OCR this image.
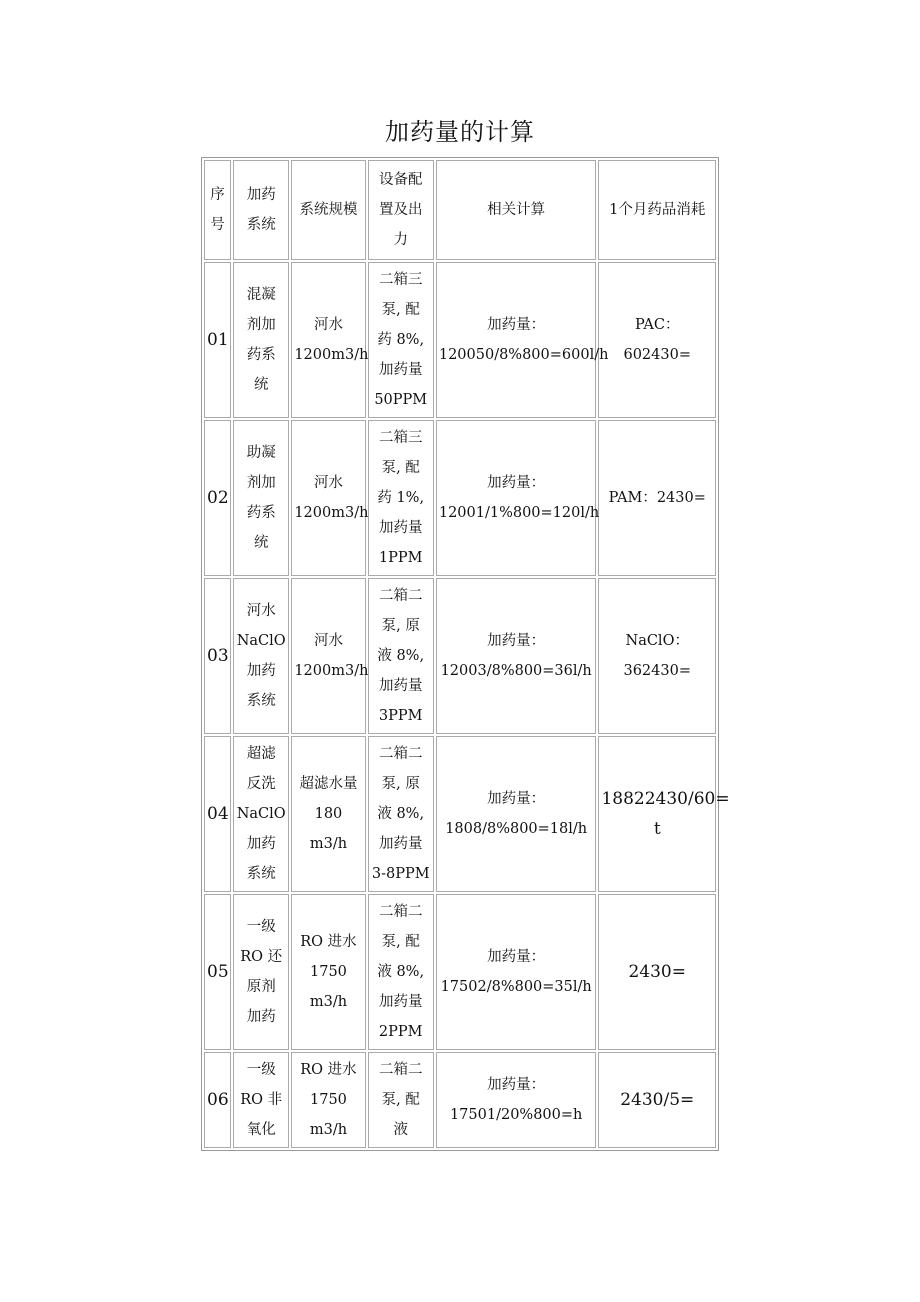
加药量的计算
序
号	加药
系统	系统规模	设备配
置及出
力	相关计算	1个月药品消耗
01	混凝
剂加
药系
统	河水
1200m3/h	二箱三
泵, 配
药 8%,
加药量
50PPM	加药量：
120050/8%800=600l/h	PAC：602430=

02	助凝
剂加
药系
统	河水
1200m3/h	二箱三
泵, 配
药 1%,
加药量
1PPM	加药量：
12001/1%800=120l/h	PAM：2430=

03	河水
NaClO
加药
系统	河水
1200m3/h	二箱二
泵, 原
液 8%,
加药量
3PPM	加药量：
12003/8%800=36l/h	NaClO：
362430=

04	超滤
反洗
NaClO
加药
系统	超滤水量
180 m3/h	二箱二
泵, 原
液 8%,
加药量
3-8PPM	加药量：
1808/8%800=18l/h	18822430/60=
t

05	一级
RO 还
原剂
加药	RO 进水
1750
m3/h	二箱二
泵, 配
液 8%,
加药量
2PPM	加药量：
17502/8%800=35l/h	2430=

06	一级
RO 非
氧化	RO 进水
1750
m3/h	二箱二
泵, 配
液	加药量：
17501/20%800=h	2430/5=
